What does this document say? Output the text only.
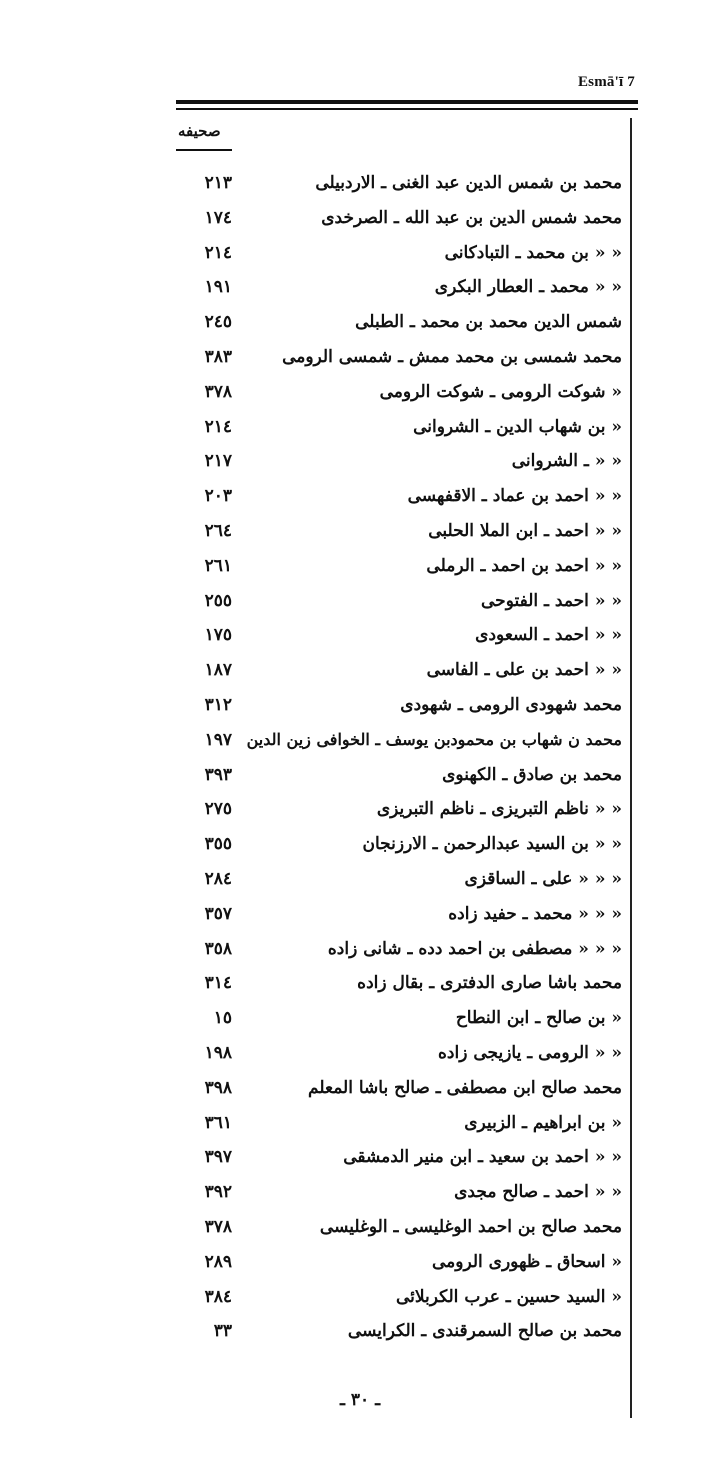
Esmā'ī 7
صحيفه
٢١٣	محمد بن شمس الدين عبد الغنى ـ الاردبيلى
١٧٤	محمد شمس الدين بن عبد الله ـ الصرخدى
٢١٤	« « بن محمد ـ التبادكانى
١٩١	« « محمد ـ العطار البكرى
٢٤٥	شمس الدين محمد بن محمد ـ الطبلى
٣٨٣	محمد شمسى بن محمد ممش ـ شمسى الرومى
٣٧٨	« شوكت الرومى ـ شوكت الرومى
٢١٤	« بن شهاب الدين ـ الشروانى
٢١٧	« « ـ الشروانى
٢٠٣	« « احمد بن عماد ـ الاقفهسى
٢٦٤	« « احمد ـ ابن الملا الحلبى
٢٦١	« « احمد بن احمد ـ الرملى
٢٥٥	« « احمد ـ الفتوحى
١٧٥	« « احمد ـ السعودى
١٨٧	« « احمد بن على ـ الفاسى
٣١٢	محمد شهودى الرومى ـ شهودى
١٩٧ محمد ن شهاب بن محمودبن يوسف ـ الخوافى زين الدين
٣٩٣	محمد بن صادق ـ الكهنوى
٢٧٥	« « ناظم التبريزى ـ ناظم التبريزى
٣٥٥	« « بن السيد عبدالرحمن ـ الارزنجان
٢٨٤	« « « على ـ الساقزى
٣٥٧	« « « محمد ـ حفيد زاده
٣٥٨	« « « مصطفى بن احمد دده ـ شانى زاده
٣١٤	محمد باشا صارى الدفترى ـ بقال زاده
١٥	« بن صالح ـ ابن النطاح
١٩٨	« « الرومى ـ يازيجى زاده
٣٩٨	محمد صالح ابن مصطفى ـ صالح باشا المعلم
٣٦١	« بن ابراهيم ـ الزبيرى
٣٩٧	« « احمد بن سعيد ـ ابن منير الدمشقى
٣٩٢	« « احمد ـ صالح مجدى
٣٧٨	محمد صالح بن احمد الوغليسى ـ الوغليسى
٢٨٩	« اسحاق ـ ظهورى الرومى
٣٨٤	« السيد حسين ـ عرب الكربلائى
٣٣	محمد بن صالح السمرقندى ـ الكرايسى
ـ ٣٠ ـ
